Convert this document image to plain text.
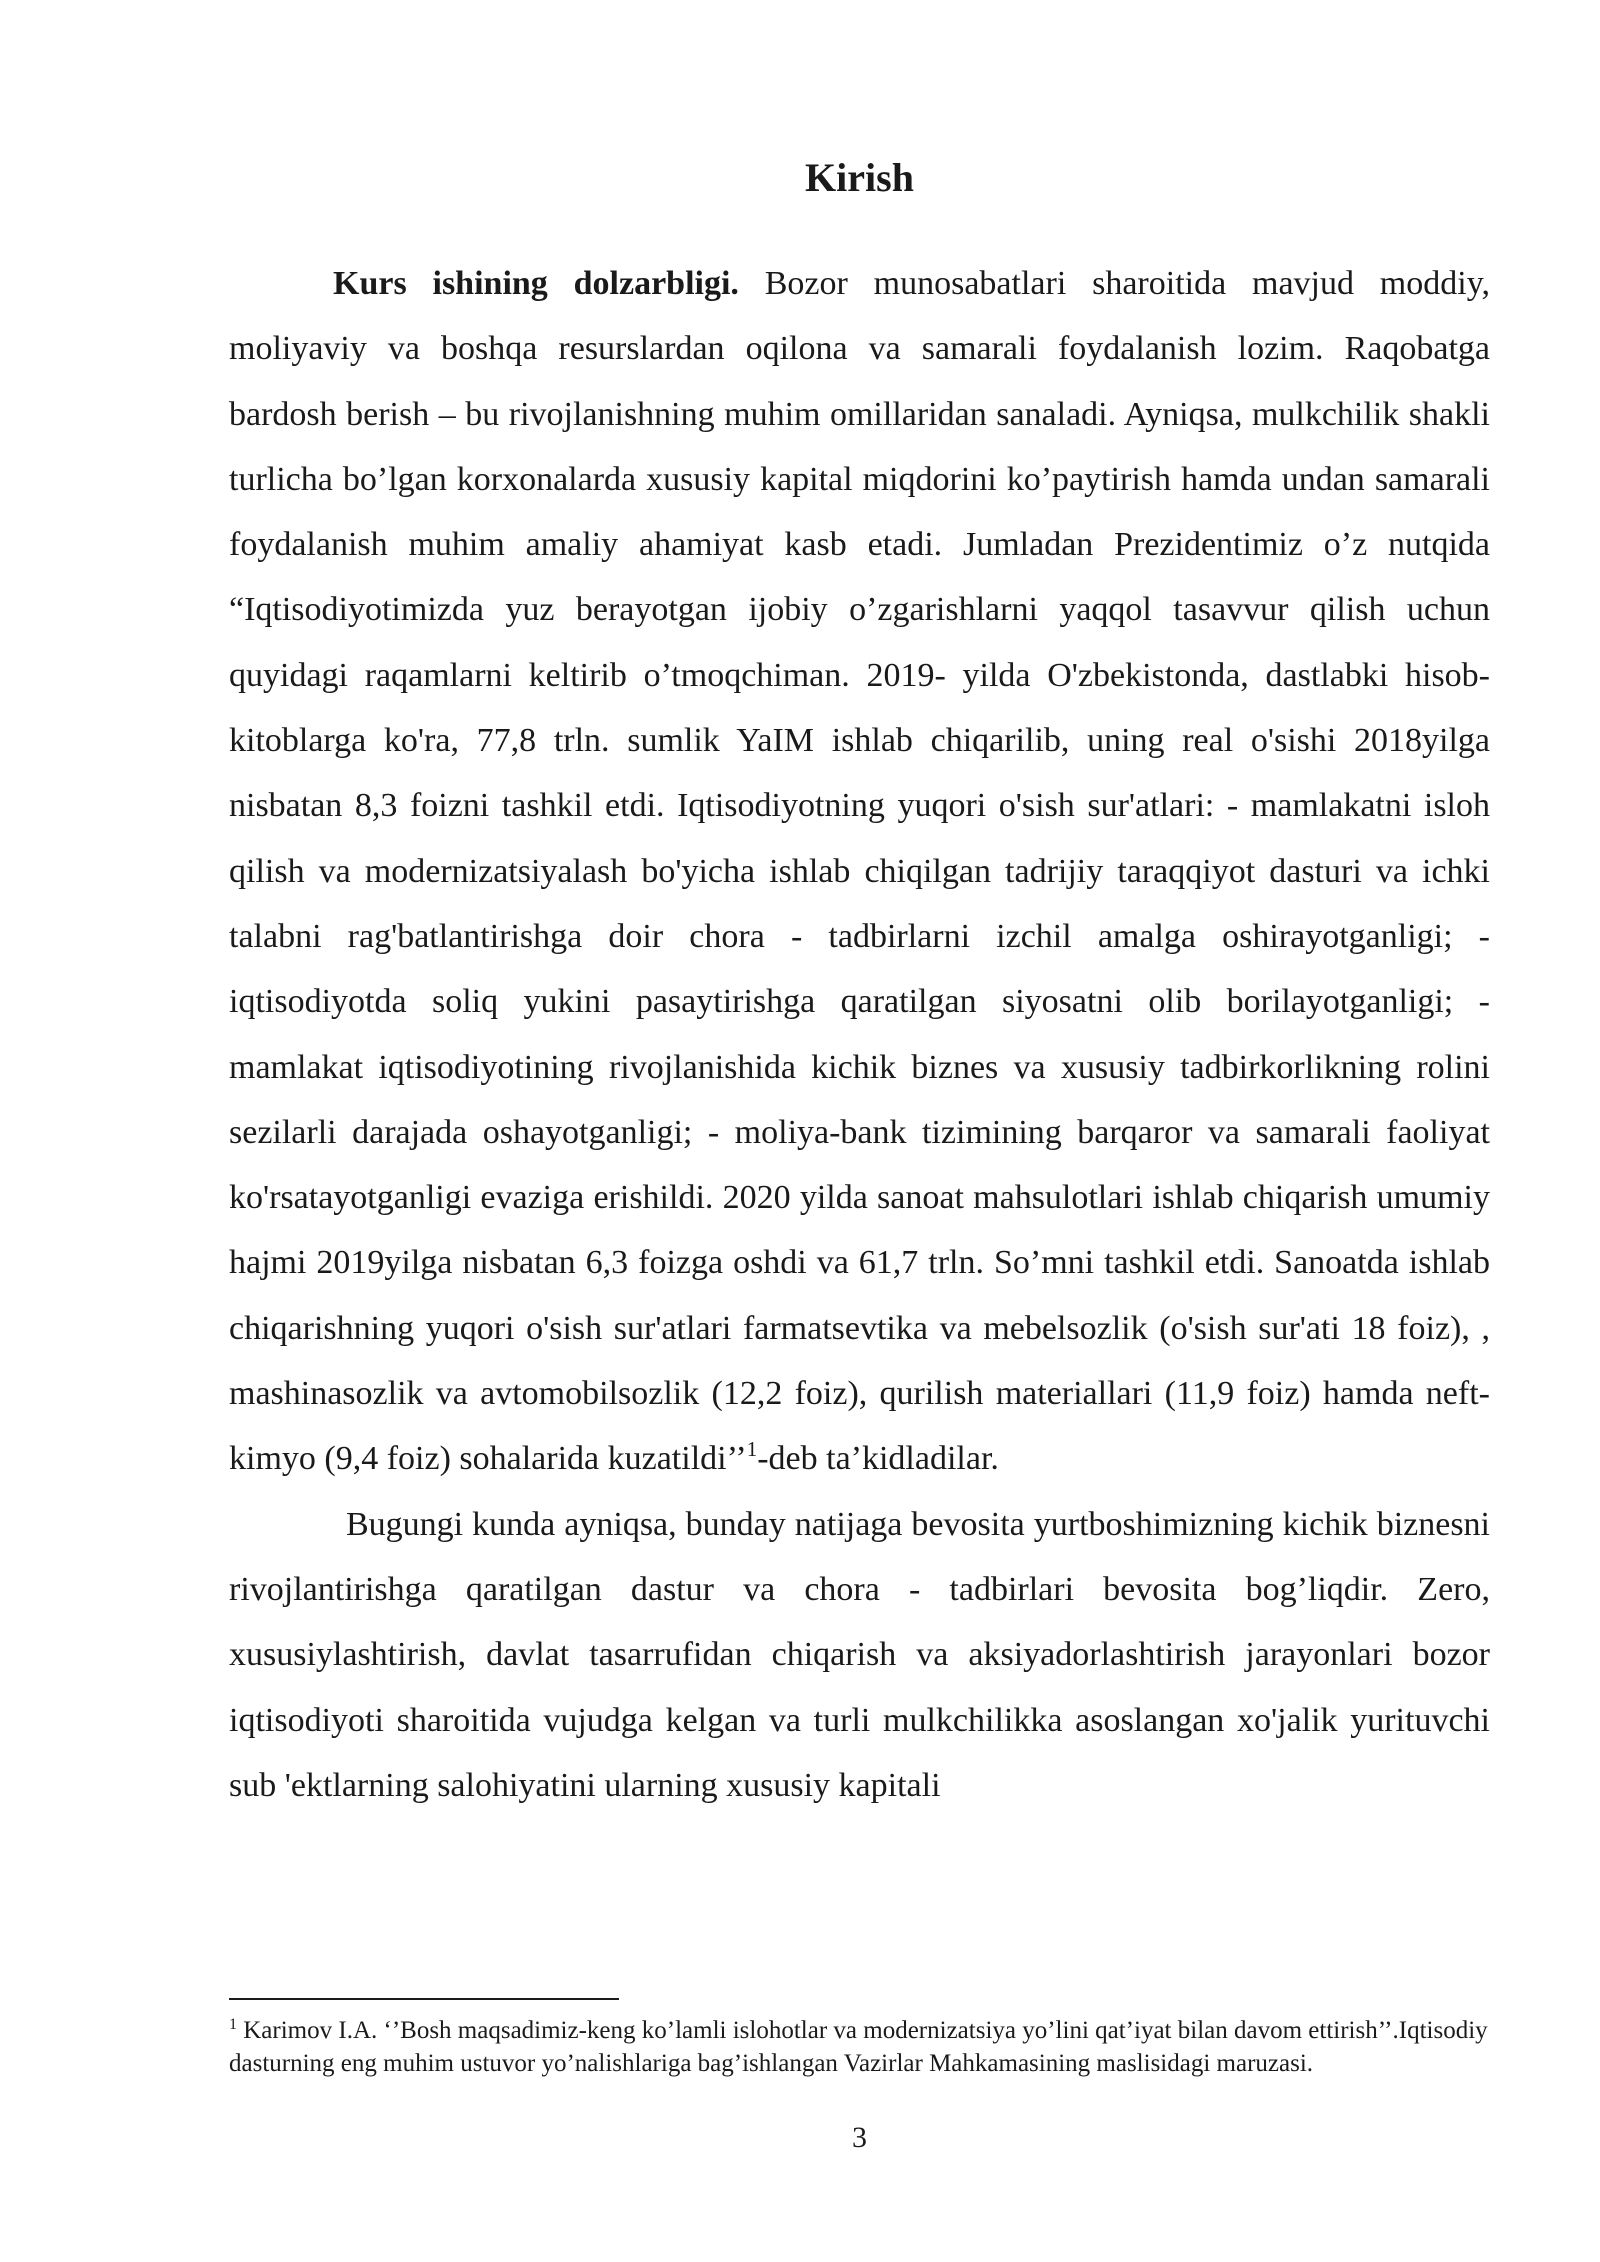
Kirish

Kurs ishining dolzarbligi. Bozor munosabatlari sharoitida mavjud moddiy, moliyaviy va boshqa resurslardan oqilona va samarali foydalanish lozim. Raqobatga bardosh berish – bu rivojlanishning muhim omillaridan sanaladi. Ayniqsa, mulkchilik shakli turlicha bo’lgan korxonalarda xususiy kapital miqdorini ko’paytirish hamda undan samarali foydalanish muhim amaliy ahamiyat kasb etadi. Jumladan Prezidentimiz o’z nutqida “Iqtisodiyotimizda yuz berayotgan ijobiy o’zgarishlarni yaqqol tasavvur qilish uchun quyidagi raqamlarni keltirib o’tmoqchiman. 2019- yilda O'zbekistonda, dastlabki hisob-kitoblarga ko'ra, 77,8 trln. sumlik YaIM ishlab chiqarilib, uning real o'sishi 2018yilga nisbatan 8,3 foizni tashkil etdi. Iqtisodiyotning yuqori o'sish sur'atlari: - mamlakatni isloh qilish va modernizatsiyalash bo'yicha ishlab chiqilgan tadrijiy taraqqiyot dasturi va ichki talabni rag'batlantirishga doir chora - tadbirlarni izchil amalga oshirayotganligi; - iqtisodiyotda soliq yukini pasaytirishga qaratilgan siyosatni olib borilayotganligi; - mamlakat iqtisodiyotining rivojlanishida kichik biznes va xususiy tadbirkorlikning rolini sezilarli darajada oshayotganligi; - moliya-bank tizimining barqaror va samarali faoliyat ko'rsatayotganligi evaziga erishildi. 2020 yilda sanoat mahsulotlari ishlab chiqarish umumiy hajmi 2019yilga nisbatan 6,3 foizga oshdi va 61,7 trln. So’mni tashkil etdi. Sanoatda ishlab chiqarishning yuqori o'sish sur'atlari farmatsevtika va mebelsozlik (o'sish sur'ati 18 foiz), , mashinasozlik va avtomobilsozlik (12,2 foiz), qurilish materiallari (11,9 foiz) hamda neft-kimyo (9,4 foiz) sohalarida kuzatildi’’$^1$-deb ta’kidladilar.

Bugungi kunda ayniqsa, bunday natijaga bevosita yurtboshimizning kichik biznesni rivojlantirishga qaratilgan dastur va chora - tadbirlari bevosita bog’liqdir. Zero, xususiylashtirish, davlat tasarrufidan chiqarish va aksiyadorlashtirish jarayonlari bozor iqtisodiyoti sharoitida vujudga kelgan va turli mulkchilikka asoslangan xo'jalik yurituvchi sub 'ektlarning salohiyatini ularning xususiy kapitali

$^1$ Karimov I.A. ‘’Bosh maqsadimiz-keng ko’lamli islohotlar va modernizatsiya yo’lini qat’iyat bilan davom ettirish’’.Iqtisodiy dasturning eng muhim ustuvor yo’nalishlariga bag’ishlangan Vazirlar Mahkamasining maslisidagi maruzasi.

3
